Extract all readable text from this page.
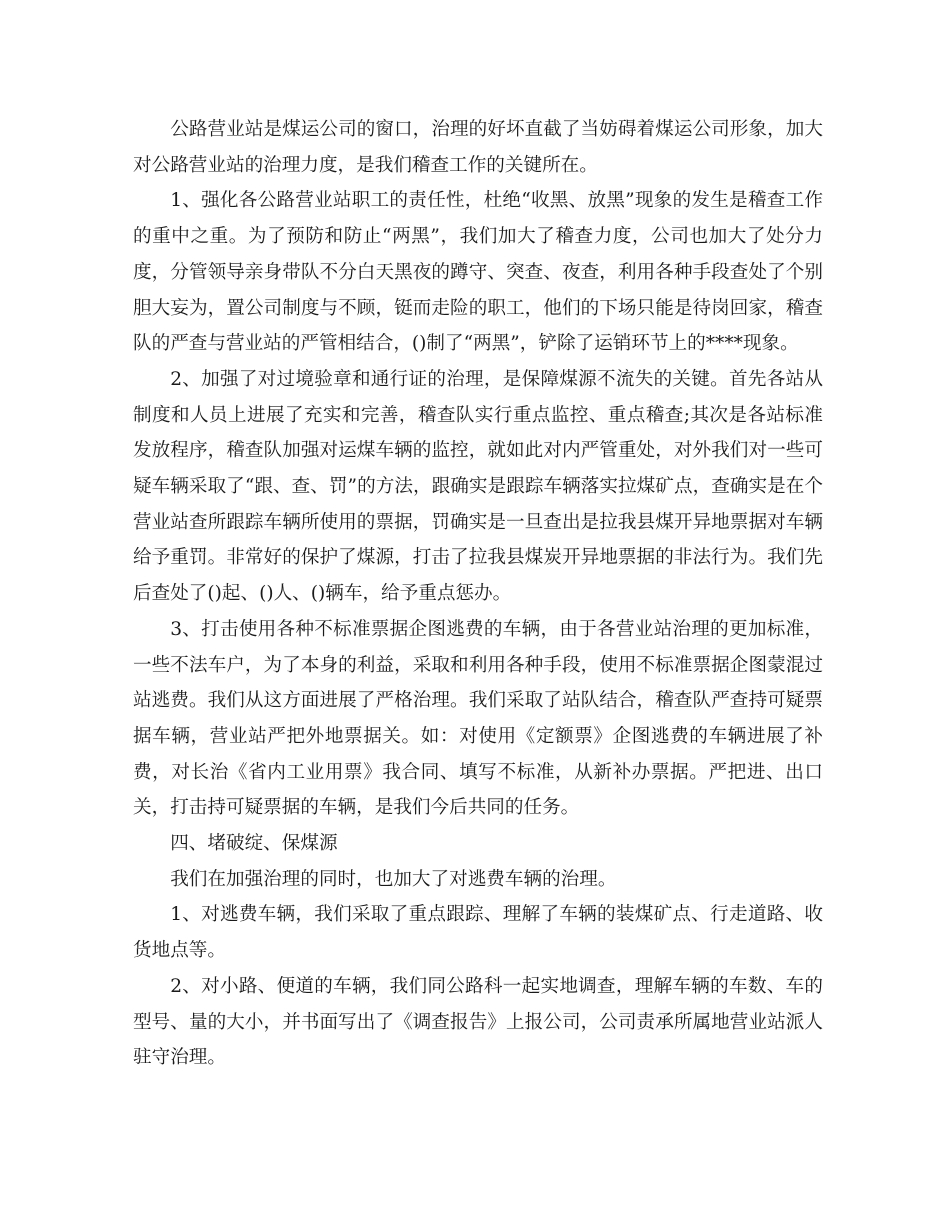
公路营业站是煤运公司的窗口，治理的好坏直截了当妨碍着煤运公司形象，加大对公路营业站的治理力度，是我们稽查工作的关键所在。

1、强化各公路营业站职工的责任性，杜绝“收黑、放黑”现象的发生是稽查工作的重中之重。为了预防和防止“两黑”，我们加大了稽查力度，公司也加大了处分力度，分管领导亲身带队不分白天黑夜的蹲守、突查、夜查，利用各种手段查处了个别胆大妄为，置公司制度与不顾，铤而走险的职工，他们的下场只能是待岗回家，稽查队的严查与营业站的严管相结合，()制了“两黑”，铲除了运销环节上的****现象。

2、加强了对过境验章和通行证的治理，是保障煤源不流失的关键。首先各站从制度和人员上进展了充实和完善，稽查队实行重点监控、重点稽查;其次是各站标准发放程序，稽查队加强对运煤车辆的监控，就如此对内严管重处，对外我们对一些可疑车辆采取了“跟、查、罚”的方法，跟确实是跟踪车辆落实拉煤矿点，查确实是在个营业站查所跟踪车辆所使用的票据，罚确实是一旦查出是拉我县煤开异地票据对车辆给予重罚。非常好的保护了煤源，打击了拉我县煤炭开异地票据的非法行为。我们先后查处了()起、()人、()辆车，给予重点惩办。

3、打击使用各种不标准票据企图逃费的车辆，由于各营业站治理的更加标准，一些不法车户，为了本身的利益，采取和利用各种手段，使用不标准票据企图蒙混过站逃费。我们从这方面进展了严格治理。我们采取了站队结合，稽查队严查持可疑票据车辆，营业站严把外地票据关。如：对使用《定额票》企图逃费的车辆进展了补费，对长治《省内工业用票》我合同、填写不标准，从新补办票据。严把进、出口关，打击持可疑票据的车辆，是我们今后共同的任务。

四、堵破绽、保煤源

我们在加强治理的同时，也加大了对逃费车辆的治理。

1、对逃费车辆，我们采取了重点跟踪、理解了车辆的装煤矿点、行走道路、收货地点等。

2、对小路、便道的车辆，我们同公路科一起实地调查，理解车辆的车数、车的型号、量的大小，并书面写出了《调查报告》上报公司，公司责承所属地营业站派人驻守治理。
